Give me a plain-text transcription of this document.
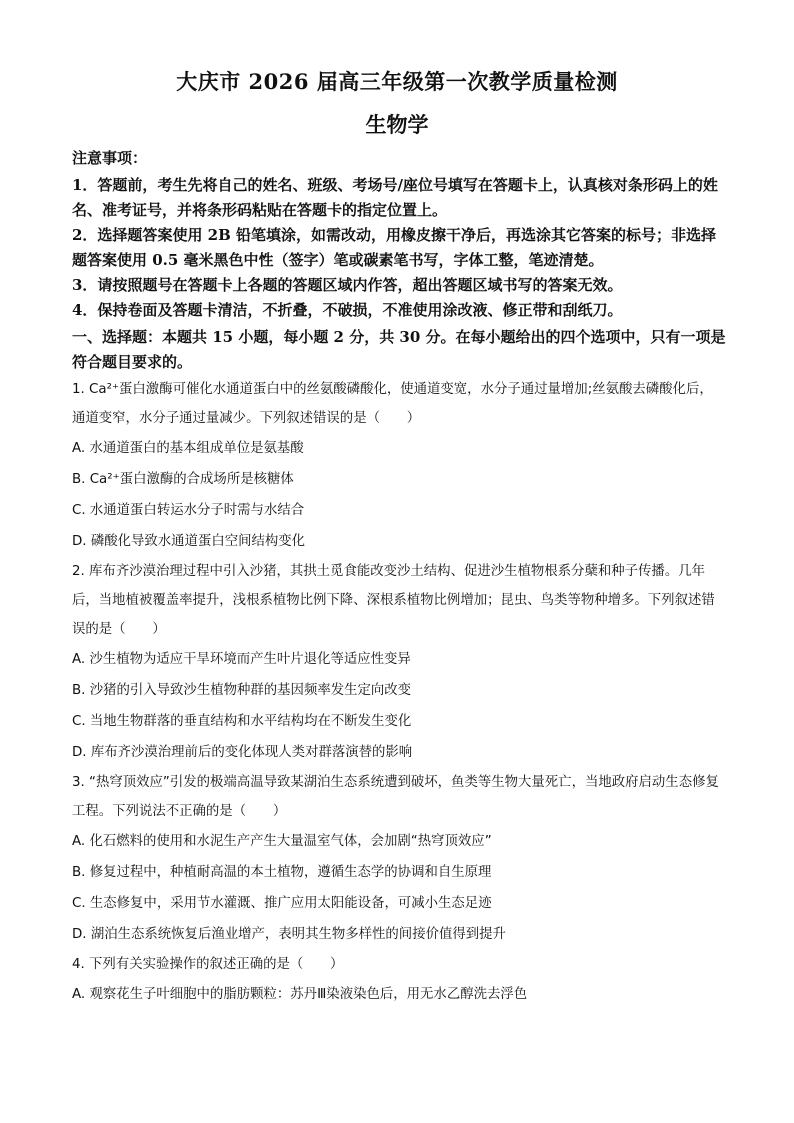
大庆市 2026 届高三年级第一次教学质量检测
生物学

注意事项：

1．答题前，考生先将自己的姓名、班级、考场号/座位号填写在答题卡上，认真核对条形码上的姓名、准考证号，并将条形码粘贴在答题卡的指定位置上。

2．选择题答案使用 2B 铅笔填涂，如需改动，用橡皮擦干净后，再选涂其它答案的标号；非选择题答案使用 0.5 毫米黑色中性（签字）笔或碳素笔书写，字体工整，笔迹清楚。

3．请按照题号在答题卡上各题的答题区域内作答，超出答题区域书写的答案无效。

4．保持卷面及答题卡清洁，不折叠，不破损，不准使用涂改液、修正带和刮纸刀。

一、选择题：本题共 15 小题，每小题 2 分，共 30 分。在每小题给出的四个选项中，只有一项是符合题目要求的。

1. Ca²⁺蛋白激酶可催化水通道蛋白中的丝氨酸磷酸化，使通道变宽，水分子通过量增加;丝氨酸去磷酸化后，通道变窄，水分子通过量减少。下列叙述错误的是（　　）

A. 水通道蛋白的基本组成单位是氨基酸

B. Ca²⁺蛋白激酶的合成场所是核糖体

C. 水通道蛋白转运水分子时需与水结合

D. 磷酸化导致水通道蛋白空间结构变化

2. 库布齐沙漠治理过程中引入沙猪，其拱土觅食能改变沙土结构、促进沙生植物根系分蘖和种子传播。几年后，当地植被覆盖率提升，浅根系植物比例下降、深根系植物比例增加；昆虫、鸟类等物种增多。下列叙述错误的是（　　）

A. 沙生植物为适应干旱环境而产生叶片退化等适应性变异

B. 沙猪的引入导致沙生植物种群的基因频率发生定向改变

C. 当地生物群落的垂直结构和水平结构均在不断发生变化

D. 库布齐沙漠治理前后的变化体现人类对群落演替的影响

3. “热穹顶效应”引发的极端高温导致某湖泊生态系统遭到破坏，鱼类等生物大量死亡，当地政府启动生态修复工程。下列说法不正确的是（　　）

A. 化石燃料的使用和水泥生产产生大量温室气体，会加剧“热穹顶效应”

B. 修复过程中，种植耐高温的本土植物，遵循生态学的协调和自生原理

C. 生态修复中，采用节水灌溉、推广应用太阳能设备，可减小生态足迹

D. 湖泊生态系统恢复后渔业增产，表明其生物多样性的间接价值得到提升

4. 下列有关实验操作的叙述正确的是（　　）

A. 观察花生子叶细胞中的脂肪颗粒：苏丹Ⅲ染液染色后，用无水乙醇洗去浮色
